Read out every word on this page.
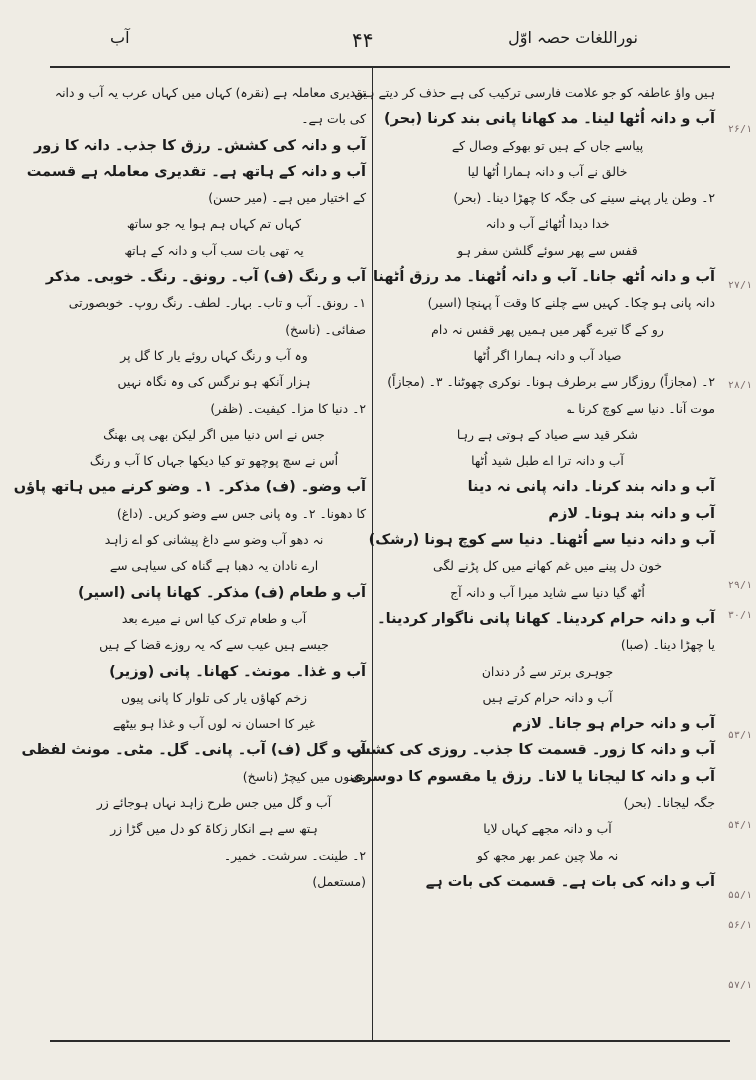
آب	۴۴	نوراللغات حصہ اوّل
ہیں واؤ عاطفہ کو جو علامت فارسی ترکیب کی ہے حذف کر دیتے ہیں
آب و دانہ اُٹھا لینا۔ مد کھانا پانی بند کرنا (بحر)
پیاسے جاں کے ہیں تو بھوکے وصال کے
خالق نے آب و دانہ ہمارا اُٹھا لیا
۲۔ وطن یار پہنے سینے کی جگہ کا چھڑا دینا۔ (بحر)
خدا دیدا اُٹھائے آب و دانہ
قفس سے پھر سوئے گلشن سفر ہو
آب و دانہ اُٹھ جانا۔ آب و دانہ اُٹھنا۔ مد رزق اُٹھنا
دانہ پانی ہو چکا۔ کہیں سے چلنے کا وقت آ پہنچا (اسیر)
رو کے گا تیرے گھر میں ہمیں پھر قفس نہ دام
صیاد آب و دانہ ہمارا اگر اُٹھا
۲۔ (مجازاً) روزگار سے برطرف ہونا۔ نوکری چھوٹنا۔ ۳۔ (مجازاً)
موت آنا۔ دنیا سے کوچ کرنا ؎
شکر قید سے صیاد کے ہوتی ہے رہا
آب و دانہ ترا اے طبل شید اُٹھا
آب و دانہ بند کرنا۔ دانہ پانی نہ دینا
آب و دانہ بند ہونا۔ لازم
آب و دانہ دنیا سے اُٹھنا۔ دنیا سے کوچ ہونا (رشک)
خون دل پینے میں غم کھانے میں کل پڑنے لگی
اُٹھ گیا دنیا سے شاید میرا آب و دانہ آج
آب و دانہ حرام کردینا۔ کھانا پانی ناگوار کردینا۔
یا چھڑا دینا۔ (صبا)
جوہری برتر سے دُر دندان
آب و دانہ حرام کرتے ہیں
آب و دانہ حرام ہو جانا۔ لازم
آب و دانہ کا زور۔ قسمت کا جذب۔ روزی کی کشش
آب و دانہ کا لیجانا یا لانا۔ رزق یا مقسوم کا دوسری
جگہ لیجانا۔ (بحر)
آب و دانہ مجھے کہاں لایا
نہ ملا چین عمر بھر مجھ کو
آب و دانہ کی بات ہے۔ قسمت کی بات ہے
تقدیری معاملہ ہے (نقرہ) کہاں میں کہاں عرب یہ آب و دانہ
کی بات ہے۔
آب و دانہ کی کشش۔ رزق کا جذب۔ دانہ کا زور
آب و دانہ کے ہاتھ ہے۔ تقدیری معاملہ ہے قسمت
کے اختیار میں ہے۔ (میر حسن)
کہاں تم کہاں ہم ہوا یہ جو ساتھ
یہ تھی بات سب آب و دانہ کے ہاتھ
آب و رنگ (ف) آب۔ رونق۔ رنگ۔ خوبی۔ مذکر
۱۔ رونق۔ آب و تاب۔ بہار۔ لطف۔ رنگ روپ۔ خوبصورتی
صفائی۔ (ناسخ)
وہ آب و رنگ کہاں روئے یار کا گل پر
ہزار آنکھ ہو نرگس کی وہ نگاہ نہیں
۲۔ دنیا کا مزا۔ کیفیت۔ (ظفر)
جس نے اس دنیا میں اگر لیکن بھی پی بھنگ
اُس نے سچ پوچھو تو کیا دیکھا جہاں کا آب و رنگ
آب وضو۔ (ف) مذکر۔ ۱۔ وضو کرنے میں ہاتھ پاؤں
کا دھونا۔ ۲۔ وہ پانی جس سے وضو کریں۔ (داغ)
نہ دھو آب وضو سے داغ پیشانی کو اے زاہد
ارے نادان یہ دھبا ہے گناہ کی سیاہی سے
آب و طعام (ف) مذکر۔ کھانا پانی (اسیر)
آب و طعام ترک کیا اس نے میرے بعد
جیسے ہیں عیب سے کہ یہ روزے قضا کے ہیں
آب و غذا۔ مونث۔ کھانا۔ پانی (وزیر)
زخم کھاؤں یار کی تلوار کا پانی پیوں
غیر کا احسان نہ لوں آب و غذا ہو بیٹھے
آب و گل (ف) آب۔ پانی۔ گل۔ مٹی۔ مونث لفظی
معنوں میں کیچڑ (ناسخ)
آب و گل میں جس طرح زاہد نہاں ہوجائے زر
ہتھ سے ہے انکار زکاۃ کو دل میں گڑا زر
۲۔ طینت۔ سرشت۔ خمیر۔
(مستعمل)
۲۶/۱
۲۷/۱
۲۸/۱
۲۹/۱
۳۰/۱
۵۳/۱
۵۴/۱
۵۵/۱
۵۶/۱
۵۷/۱
